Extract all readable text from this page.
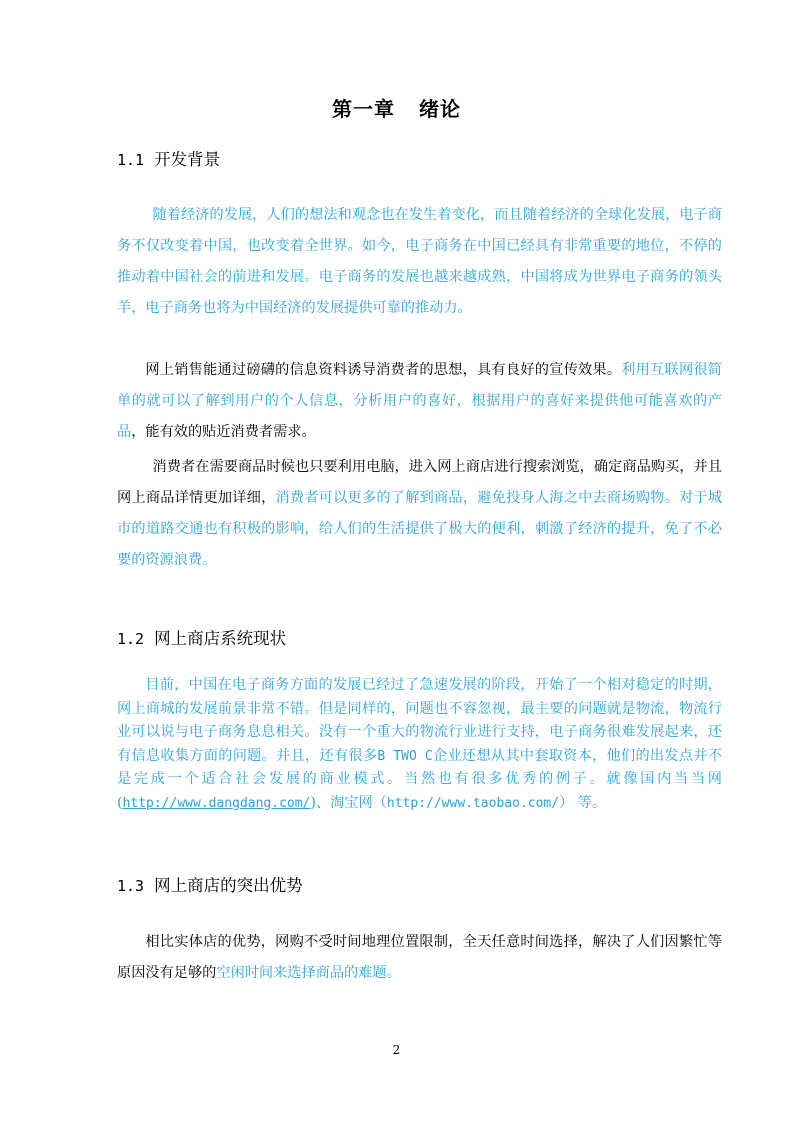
第一章 绪论
1.1 开发背景

随着经济的发展，人们的想法和观念也在发生着变化，而且随着经济的全球化发展，电子商务不仅改变着中国，也改变着全世界。如今，电子商务在中国已经具有非常重要的地位，不停的推动着中国社会的前进和发展。电子商务的发展也越来越成熟，中国将成为世界电子商务的领头羊，电子商务也将为中国经济的发展提供可靠的推动力。

网上销售能通过磅礴的信息资料诱导消费者的思想，具有良好的宣传效果。利用互联网很简单的就可以了解到用户的个人信息，分析用户的喜好，根据用户的喜好来提供他可能喜欢的产品，能有效的贴近消费者需求。

消费者在需要商品时候也只要利用电脑，进入网上商店进行搜索浏览，确定商品购买，并且网上商品详情更加详细，消费者可以更多的了解到商品，避免投身人海之中去商场购物。对于城市的道路交通也有积极的影响，给人们的生活提供了极大的便利，刺激了经济的提升，免了不必要的资源浪费。

1.2 网上商店系统现状

目前，中国在电子商务方面的发展已经过了急速发展的阶段，开始了一个相对稳定的时期，网上商城的发展前景非常不错。但是同样的，问题也不容忽视，最主要的问题就是物流，物流行业可以说与电子商务息息相关。没有一个重大的物流行业进行支持，电子商务很难发展起来，还有信息收集方面的问题。并且，还有很多B TWO C企业还想从其中套取资本，他们的出发点并不是完成一个适合社会发展的商业模式。当然也有很多优秀的例子。就像国内当当网(http://www.dangdang.com/)、淘宝网（http://www.taobao.com/） 等。

1.3 网上商店的突出优势

相比实体店的优势，网购不受时间地理位置限制，全天任意时间选择，解决了人们因繁忙等原因没有足够的空闲时间来选择商品的难题。

2
